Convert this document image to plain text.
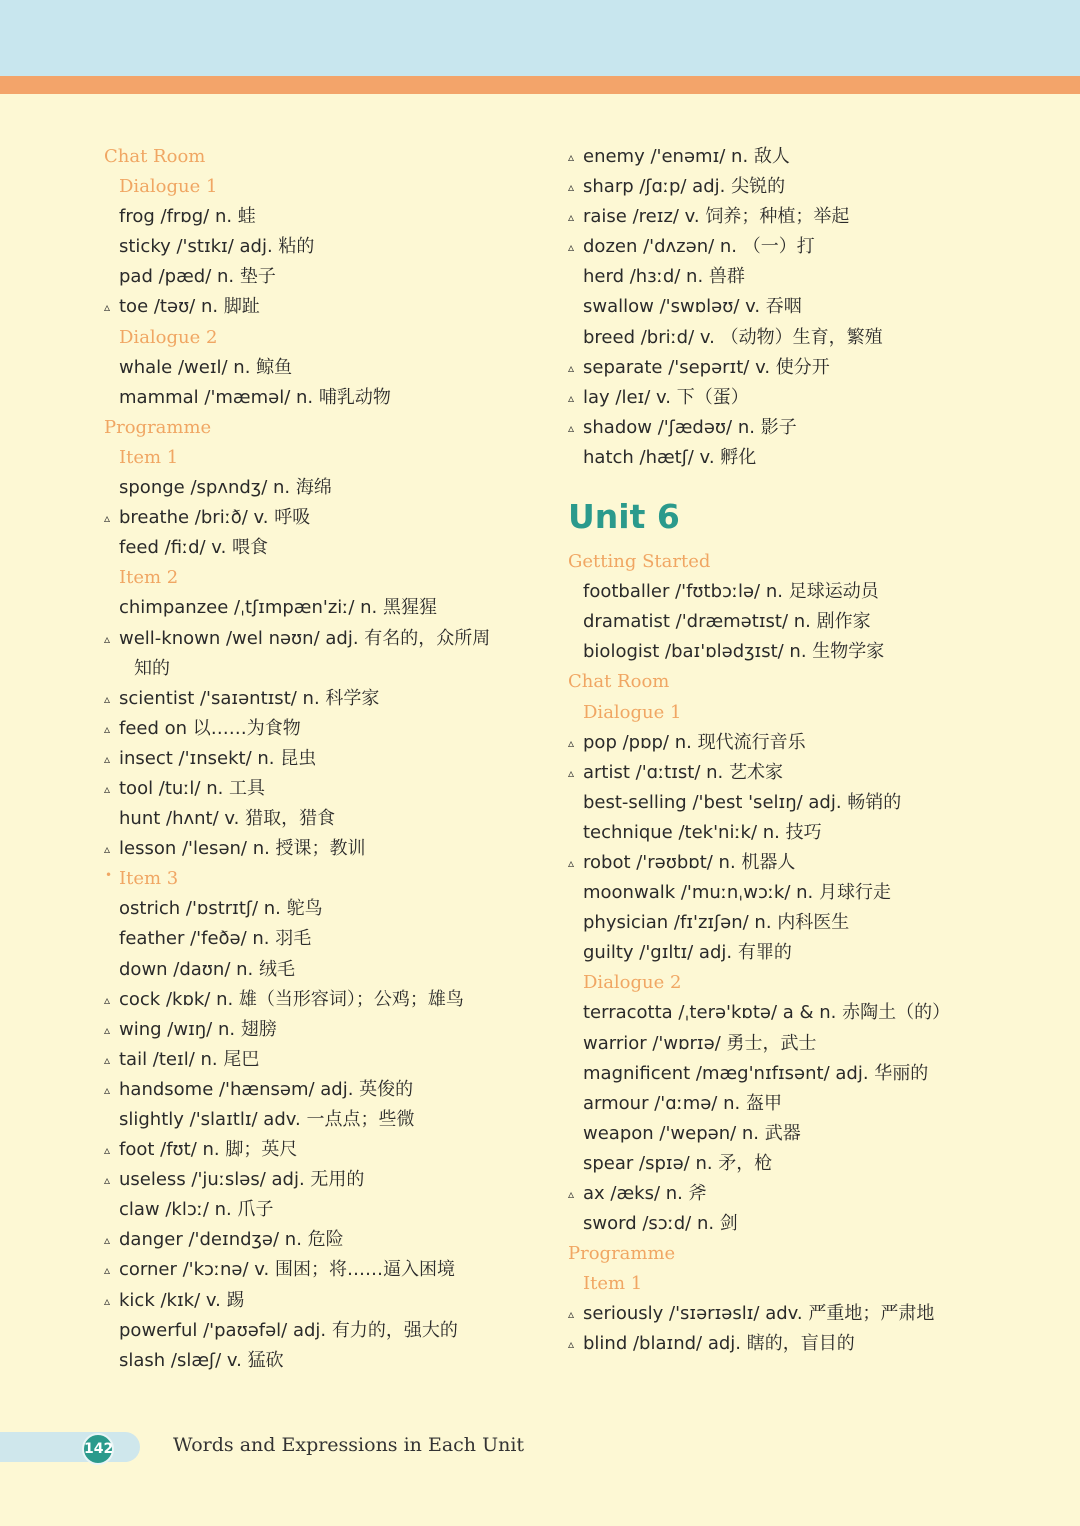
Chat Room
Dialogue 1
frog /frɒg/ n. 蛙
sticky /'stɪkɪ/ adj. 粘的
pad /pæd/ n. 垫子
▵ toe /təʊ/ n. 脚趾
Dialogue 2
whale /weɪl/ n. 鲸鱼
mammal /'mæməl/ n. 哺乳动物
Programme
Item 1
sponge /spʌndʒ/ n. 海绵
▵ breathe /briːð/ v. 呼吸
feed /fiːd/ v. 喂食
Item 2
chimpanzee /ˌtʃɪmpæn'ziː/ n. 黑猩猩
▵ well-known /wel nəʊn/ adj. 有名的，众所周
知的
▵ scientist /'saɪəntɪst/ n. 科学家
▵ feed on 以……为食物
▵ insect /'ɪnsekt/ n. 昆虫
▵ tool /tuːl/ n. 工具
hunt /hʌnt/ v. 猎取，猎食
▵ lesson /'lesən/ n. 授课；教训
• Item 3
ostrich /'ɒstrɪtʃ/ n. 鸵鸟
feather /'feðə/ n. 羽毛
down /daʊn/ n. 绒毛
▵ cock /kɒk/ n. 雄（当形容词）；公鸡；雄鸟
▵ wing /wɪŋ/ n. 翅膀
▵ tail /teɪl/ n. 尾巴
▵ handsome /'hænsəm/ adj. 英俊的
slightly /'slaɪtlɪ/ adv. 一点点；些微
▵ foot /fʊt/ n. 脚；英尺
▵ useless /'juːsləs/ adj. 无用的
claw /klɔː/ n. 爪子
▵ danger /'deɪndʒə/ n. 危险
▵ corner /'kɔːnə/ v. 围困；将……逼入困境
▵ kick /kɪk/ v. 踢
powerful /'paʊəfəl/ adj. 有力的，强大的
slash /slæʃ/ v. 猛砍
▵ enemy /'enəmɪ/ n. 敌人
▵ sharp /ʃɑːp/ adj. 尖锐的
▵ raise /reɪz/ v. 饲养；种植；举起
▵ dozen /'dʌzən/ n. （一）打
herd /hɜːd/ n. 兽群
swallow /'swɒləʊ/ v. 吞咽
breed /briːd/ v. （动物）生育，繁殖
▵ separate /'sepərɪt/ v. 使分开
▵ lay /leɪ/ v. 下（蛋）
▵ shadow /'ʃædəʊ/ n. 影子
hatch /hætʃ/ v. 孵化
Unit 6
Getting Started
footballer /'fʊtbɔːlə/ n. 足球运动员
dramatist /'dræmətɪst/ n. 剧作家
biologist /baɪ'ɒlədʒɪst/ n. 生物学家
Chat Room
Dialogue 1
▵ pop /pɒp/ n. 现代流行音乐
▵ artist /'ɑːtɪst/ n. 艺术家
best-selling /'best 'selɪŋ/ adj. 畅销的
technique /tek'niːk/ n. 技巧
▵ robot /'rəʊbɒt/ n. 机器人
moonwalk /'muːnˌwɔːk/ n. 月球行走
physician /fɪ'zɪʃən/ n. 内科医生
guilty /'gɪltɪ/ adj. 有罪的
Dialogue 2
terracotta /ˌterə'kɒtə/ a & n. 赤陶土（的）
warrior /'wɒrɪə/ 勇士，武士
magnificent /mæg'nɪfɪsənt/ adj. 华丽的
armour /'ɑːmə/ n. 盔甲
weapon /'wepən/ n. 武器
spear /spɪə/ n. 矛，枪
▵ ax /æks/ n. 斧
sword /sɔːd/ n. 剑
Programme
Item 1
▵ seriously /'sɪərɪəslɪ/ adv. 严重地；严肃地
▵ blind /blaɪnd/ adj. 瞎的，盲目的
142	Words and Expressions in Each Unit
